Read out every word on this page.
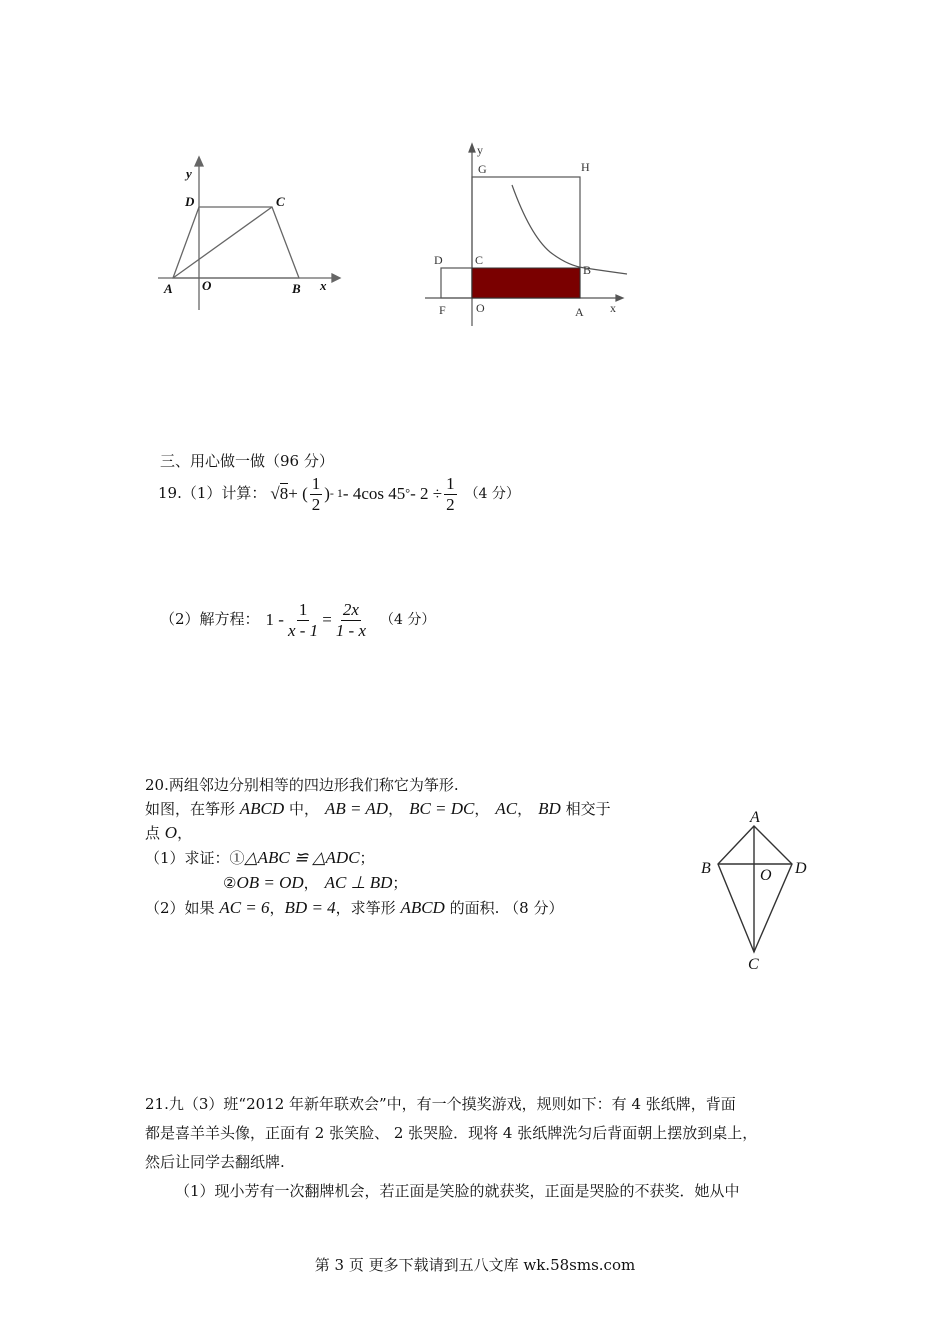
y
x
D	C
A O	B
y
x
G	H
D	C
B
F	O	A
三、用心做一做（96 分）
19.（1）计算： √8 + ( $\frac{1}{2}$ ) - 1 - 4cos 45 ° - $2 \div \frac{1}{2} (4$ 分）
（2）解方程： $1 - \frac{1}{x - 1} = \frac{2x}{1 - x} (4$ 分）
20.两组邻边分别相等的四边形我们称它为筝形.
如图，在筝形 ABCD 中， AB = AD， BC = DC， AC， BD 相交于
点 O，
（1）求证：①△ABC ≌ △ADC；
②OB = OD， AC ⊥ BD；
（2）如果 AC = 6，BD = 4，求筝形 ABCD 的面积. （8 分）
A
B	O D
C
21.九（3）班“2012 年新年联欢会”中，有一个摸奖游戏，规则如下：有 4 张纸牌，背面
都是喜羊羊头像，正面有 2 张笑脸、 2 张哭脸．现将 4 张纸牌洗匀后背面朝上摆放到桌上，
然后让同学去翻纸牌.
（1）现小芳有一次翻牌机会，若正面是笑脸的就获奖，正面是哭脸的不获奖．她从中
第 3 页 更多下载请到五八文库 wk.58sms.com
